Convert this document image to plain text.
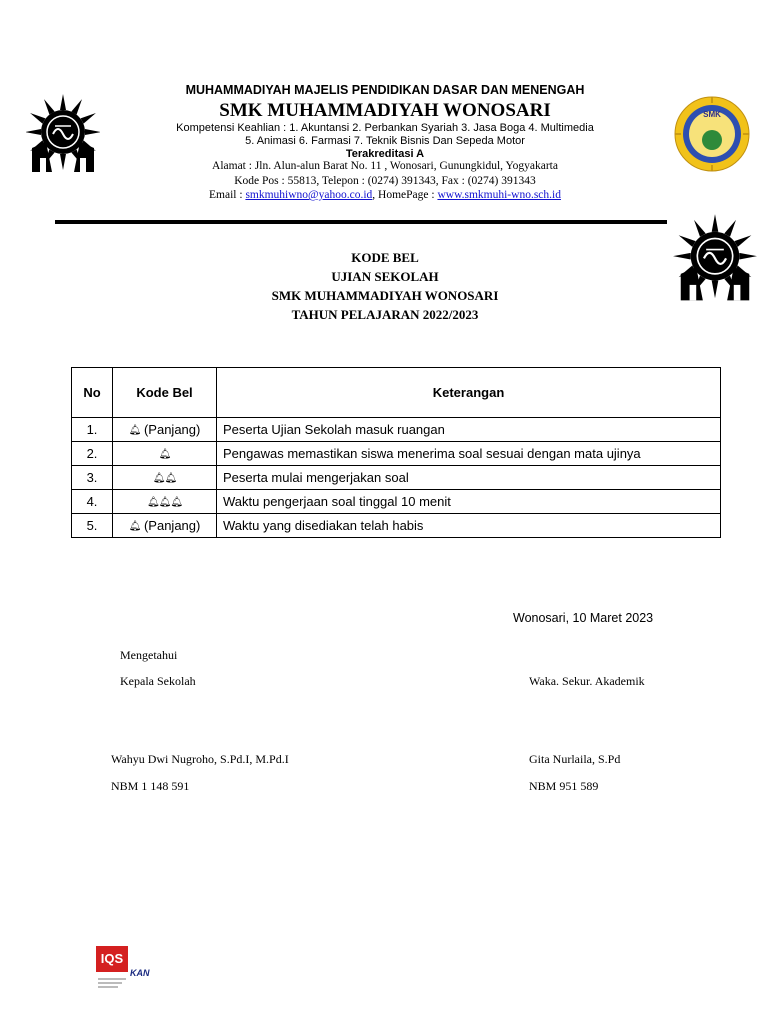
SMK
MUHAMMADIYAH MAJELIS PENDIDIKAN DASAR DAN MENENGAH
SMK MUHAMMADIYAH WONOSARI
Kompetensi Keahlian : 1. Akuntansi 2. Perbankan Syariah 3. Jasa Boga 4. Multimedia
5. Animasi 6. Farmasi 7. Teknik Bisnis Dan Sepeda Motor
Terakreditasi A
Alamat : Jln. Alun-alun Barat No. 11 , Wonosari, Gunungkidul, Yogyakarta
Kode Pos : 55813, Telepon : (0274) 391343, Fax : (0274) 391343
Email : smkmuhiwno@yahoo.co.id, HomePage : www.smkmuhi-wno.sch.id
KODE BEL
UJIAN SEKOLAH
SMK MUHAMMADIYAH WONOSARI
TAHUN PELAJARAN 2022/2023
No	Kode Bel	Keterangan
1.	🔔︎ (Panjang)	Peserta Ujian Sekolah masuk ruangan
2.	🔔︎	Pengawas memastikan siswa menerima soal sesuai dengan mata ujinya
3.	🔔︎🔔︎	Peserta mulai mengerjakan soal
4.	🔔︎🔔︎🔔︎	Waktu pengerjaan soal tinggal 10 menit
5.	🔔︎ (Panjang)	Waktu yang disediakan telah habis
Wonosari, 10 Maret 2023
Mengetahui
Kepala Sekolah	Waka. Sekur. Akademik
Wahyu Dwi Nugroho, S.Pd.I, M.Pd.I
NBM 1 148 591
Gita Nurlaila, S.Pd
NBM 951 589
IQS
KAN
